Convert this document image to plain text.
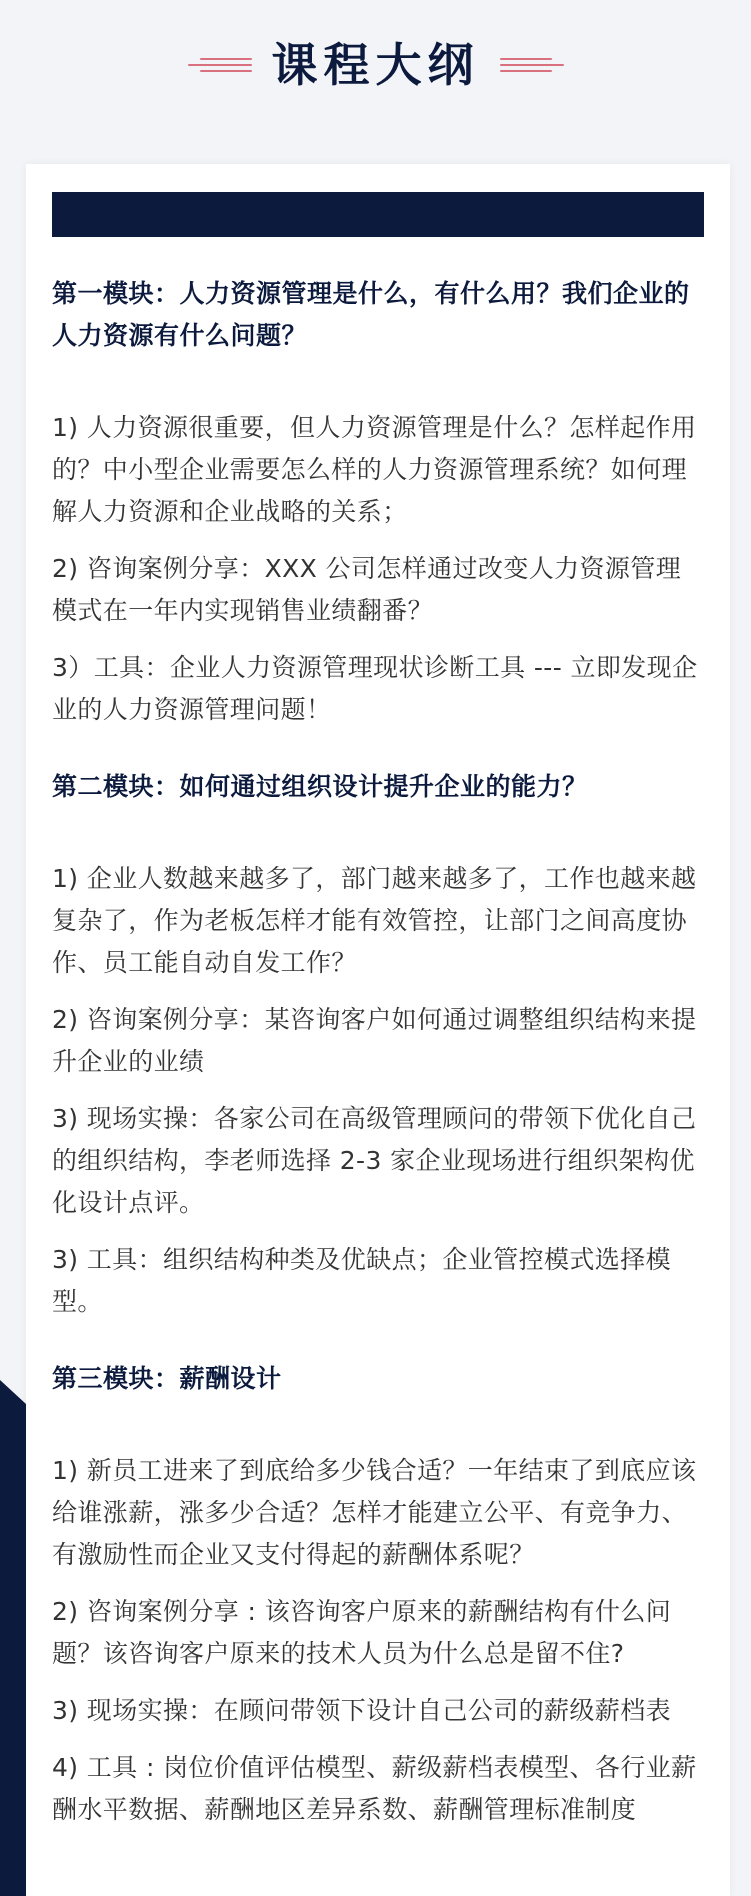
课程大纲
第一模块：人力资源管理是什么，有什么用？我们企业的人力资源有什么问题？

1) 人力资源很重要，但人力资源管理是什么？怎样起作用的？中小型企业需要怎么样的人力资源管理系统？如何理解人力资源和企业战略的关系；

2) 咨询案例分享：XXX 公司怎样通过改变人力资源管理模式在一年内实现销售业绩翻番？

3）工具：企业人力资源管理现状诊断工具 --- 立即发现企业的人力资源管理问题！

第二模块：如何通过组织设计提升企业的能力？

1) 企业人数越来越多了，部门越来越多了，工作也越来越复杂了，作为老板怎样才能有效管控，让部门之间高度协作、员工能自动自发工作？

2) 咨询案例分享：某咨询客户如何通过调整组织结构来提升企业的业绩

3) 现场实操：各家公司在高级管理顾问的带领下优化自己的组织结构，李老师选择 2-3 家企业现场进行组织架构优化设计点评。

3) 工具：组织结构种类及优缺点；企业管控模式选择模型。

第三模块：薪酬设计

1) 新员工进来了到底给多少钱合适？一年结束了到底应该给谁涨薪，涨多少合适？怎样才能建立公平、有竞争力、有激励性而企业又支付得起的薪酬体系呢？

2) 咨询案例分享 : 该咨询客户原来的薪酬结构有什么问题？该咨询客户原来的技术人员为什么总是留不住?

3) 现场实操：在顾问带领下设计自己公司的薪级薪档表

4) 工具 : 岗位价值评估模型、薪级薪档表模型、各行业薪酬水平数据、薪酬地区差异系数、薪酬管理标准制度
